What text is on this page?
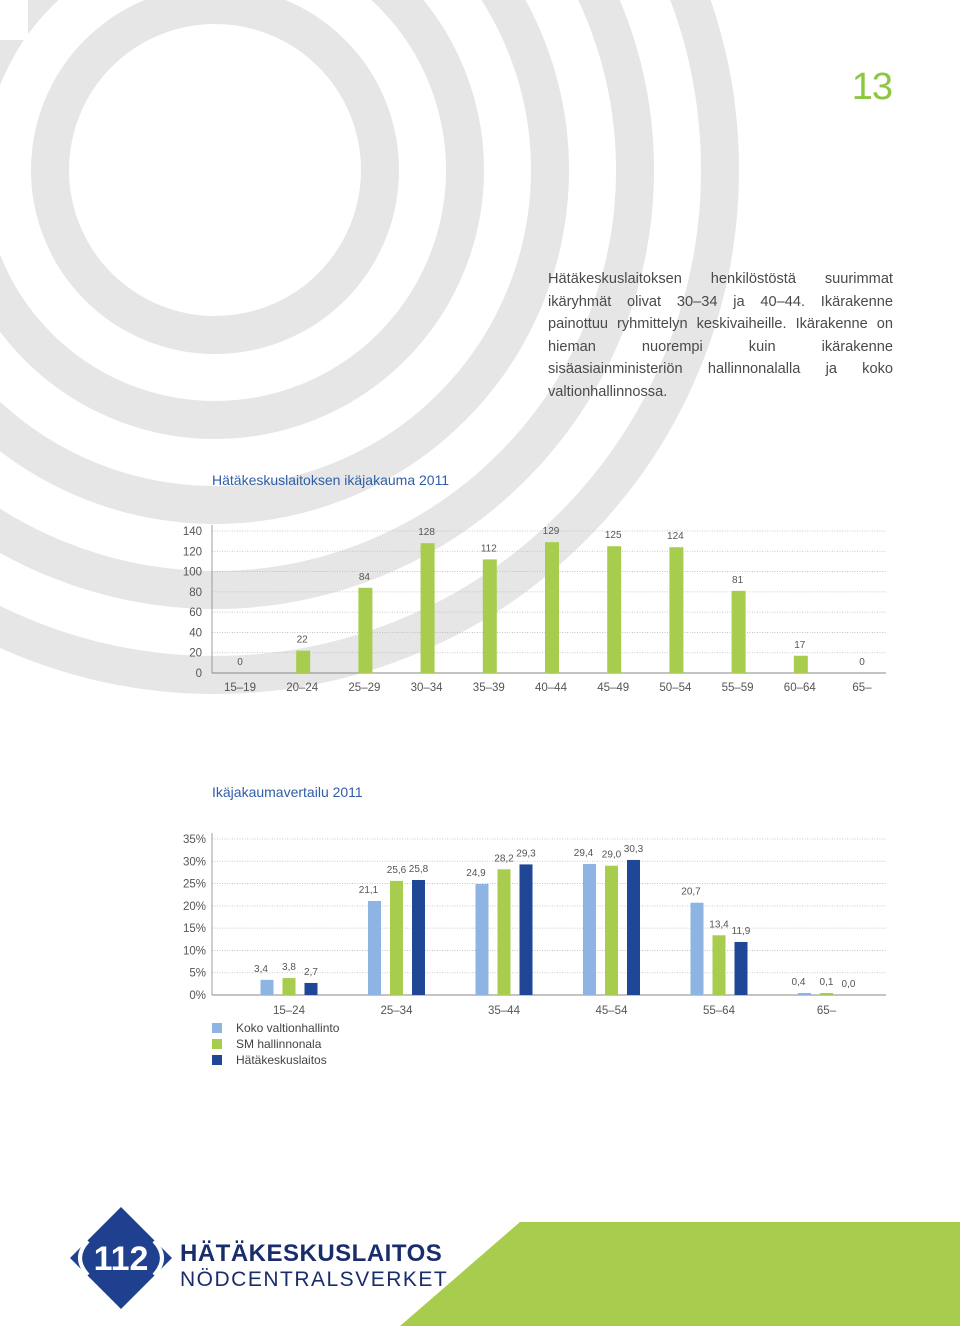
13
Hätäkeskuslaitoksen henkilöstöstä suurimmat ikäryhmät olivat 30–34 ja 40–44. Ikärakenne painottuu ryhmittelyn keskivaiheille. Ikärakenne on hieman nuorempi kuin ikärakenne sisäasiainministeriön hallinnonalalla ja koko valtionhallinnossa.
Hätäkeskuslaitoksen ikäjakauma 2011
0
20
40
60
80
100
120
140
0
15–19
22
20–24
84
25–29
128
30–34
112
35–39
129
40–44
125
45–49
124
50–54
81
55–59
17
60–64
0
65–
Ikäjakaumavertailu 2011
0%
5%
10%
15%
20%
25%
30%
35%
3,4 3,8 2,7
15–24
21,1
25,6 25,8
25–34
24,9
28,2 29,3
35–44
29,4 29,0
30,3
45–54
20,7
13,4
11,9
55–64
0,4 0,1 0,0
65–
Koko valtionhallinto
SM hallinnonala
Hätäkeskuslaitos
112 HÄTÄKESKUSLAITOS
NÖDCENTRALSVERKET
